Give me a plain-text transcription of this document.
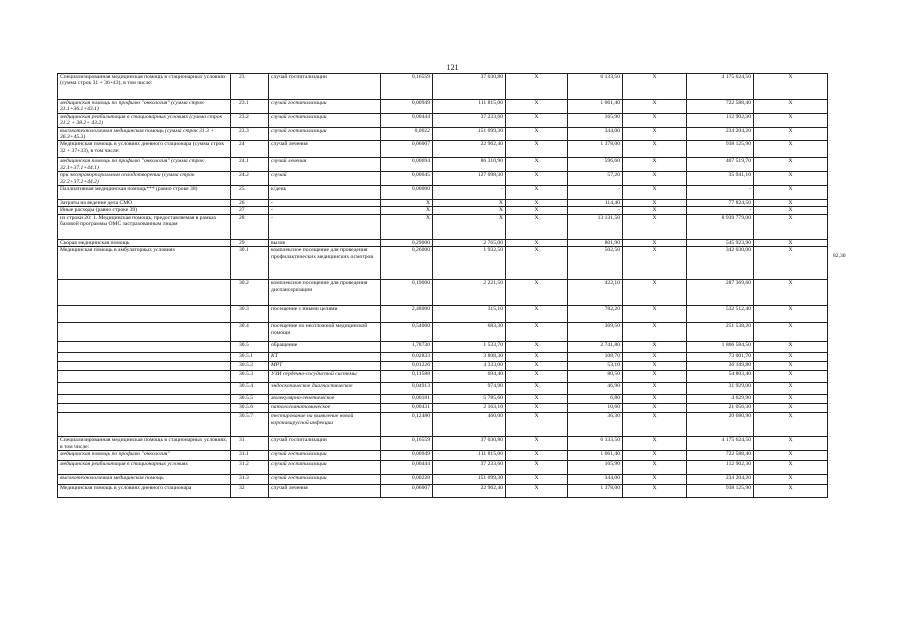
121
Специализированная медицинская помощь в стационарных условиях (сумма строк 31 + 36+43), в том числе:	23	случай госпитализации	0,16559	37 030,80	X	6 133,50	X	4 175 624,50	X
медицинская помощь по профилю "онкология" (сумма строк 31.1+36.1+43.1)	23.1	случай госпитализации	0,00949	111 815,00	X	1 061,40	X	722 588,40	X
медицинская реабилитация в стационарных условиях (сумма строк 31.2 + 38.2+ 43.2)	23.2	случай госпитализации	0,00444	37 233,60	X	165,90	X	112 902,30	X
высокотехнологичная медицинская помощь (сумма строк 31.3 + 36.3+45.3)	23.3	случай госпитализации	0,0022	151 099,30	X	344,00	X	234 204,20	X
Медицинская помощь в условиях дневного стационара (сумма строк 32 + 37+33), в том числе:	24	случай лечения	0,06007	22 962,40	X	1 378,00	X	938 125,90	X
медицинская помощь по профилю "онкология" (сумма строк 32.1+37.1+44.1)	24.1	случай лечения	0,00694	86 310,90	X	596,60	X	407 519,70	X
при экстракорпоральном оплодотворении (сумма строк 32.2+37.2+44.2)	24.2	случай	0,00045	127 098,30	X	57,20	X	35 941,10	X
Паллиативная медицинская помощь*** (равно строке 38)	25	к/день	0,00000	-	X	-	X	-	X
Затраты на ведение дела СМО	26	-	X	X	X	114,40	X	77 824,50	X
Иные расходы (равно строке 39)	27	-	X	X	X	-	X	-	X
из строки 20: 1. Медицинская помощь, предоставляемая в рамках базовой программы ОМС застрахованным лицам	28	-	X	X	X	13 131,50	X	8 939 779,00	X
Скорая медицинская помощь	29	вызов	0,29000	2 765,00	X	801,90	X	545 923,90	X
Медицинская помощь в амбулаторных условиях	30.1	комплексное посещение для проведения профилактических медицинских осмотров	0,26000	1 932,50	X	502,50	X	342 030,00	X
	30.2	комплексное посещение для проведения диспансеризации	0,19000	2 221,50	X	422,10	X	287 369,60	X
	30.3	посещение с иными целями	2,48000	315,10	X	782,20	X	532 512,40	X
	30.4	посещение по неотложной медицинской помощи	0,54000	683,30	X	369,50	X	251 538,20	X
	30.5	обращение	1,78730	1 533,70	X	2 741,80	X	1 866 584,50	X
	30.5.1	КТ	0,02833	3 808,30	X	108,70	X	73 001,70	X
	30.5.2	МРТ	0,01226	4 333,00	X	53,10	X	36 149,80	X
	30.5.3	УЗИ сердечно-сосудистой системы	0,11588	694,40	X	80,50	X	54 803,40	X
	30.5.4	эндоскопическое диагностическое	0,04913	974,90	X	46,90	X	31 929,00	X
	30.5.5	молекулярно-генетическое	0,00181	5 785,60	X	6,80	X	4 629,90	X
	30.5.6	патологоанатомическое	0,00431	2 163,10	X	10,60	X	21 056,30	X
	30.5.7	тестирование на выявление новой коронавирусной инфекции	0,12480	460,00	X	36,30	X	20 680,90	X
Специализированная медицинская помощь в стационарных условиях, в том числе:	31	случай госпитализации	0,16559	37 030,80	X	6 133,50	X	4 175 624,50	X
медицинская помощь по профилю "онкология"	31.1	случай госпитализации	0,00949	111 815,00	X	1 061,40	X	722 588,40	X
медицинская реабилитация в стационарных условиях	31.2	случай госпитализации	0,00444	37 233,60	X	165,90	X	112 902,30	X
высокотехнологичная медицинская помощь	31.3	случай госпитализации	0,00228	151 099,30	X	344,00	X	234 204,20	X
Медицинская помощь в условиях дневного стационара	32	случай лечения	0,06007	22 962,40	X	1 378,00	X	938 125,90	X
82,30
